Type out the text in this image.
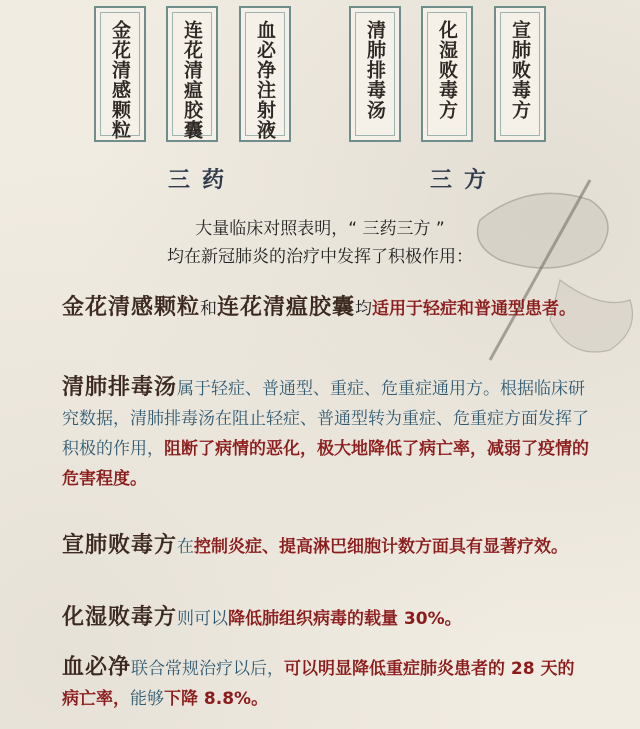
金花清感颗粒	连花清瘟胶囊	血必净注射液	清肺排毒汤	化湿败毒方	宣肺败毒方
三药	三方
大量临床对照表明，“ 三药三方 ”
均在新冠肺炎的治疗中发挥了积极作用：
金花清感颗粒和连花清瘟胶囊均适用于轻症和普通型患者。
清肺排毒汤属于轻症、普通型、重症、危重症通用方。根据临床研究数据，清肺排毒汤在阻止轻症、普通型转为重症、危重症方面发挥了积极的作用，阻断了病情的恶化，极大地降低了病亡率，减弱了疫情的危害程度。
宣肺败毒方在控制炎症、提高淋巴细胞计数方面具有显著疗效。
化湿败毒方则可以降低肺组织病毒的载量 30%。
血必净联合常规治疗以后，可以明显降低重症肺炎患者的 28 天的病亡率，能够下降 8.8%。
